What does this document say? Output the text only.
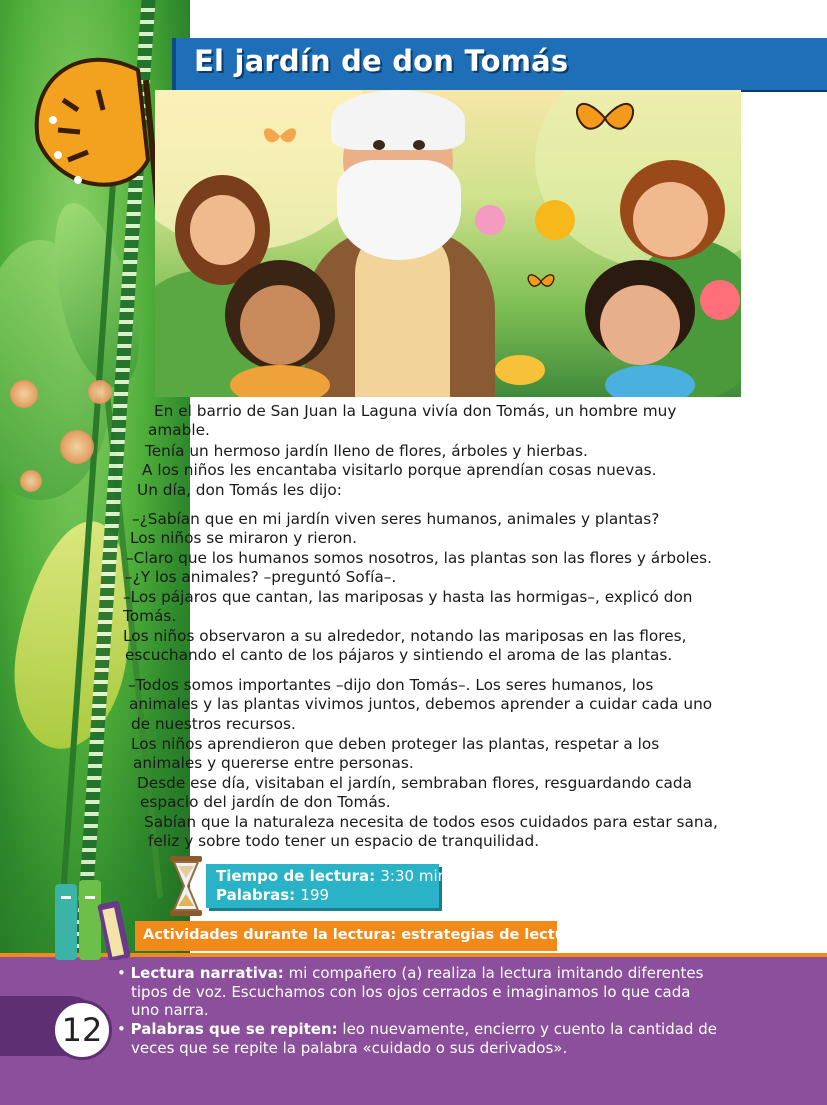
El jardín de don Tomás
En el barrio de San Juan la Laguna vivía don Tomás, un hombre muy
amable.
Tenía un hermoso jardín lleno de flores, árboles y hierbas.
A los niños les encantaba visitarlo porque aprendían cosas nuevas.
Un día, don Tomás les dijo:
–¿Sabían que en mi jardín viven seres humanos, animales y plantas?
Los niños se miraron y rieron.
–Claro que los humanos somos nosotros, las plantas son las flores y árboles.
–¿Y los animales? –preguntó Sofía–.
–Los pájaros que cantan, las mariposas y hasta las hormigas–, explicó don
Tomás.
Los niños observaron a su alrededor, notando las mariposas en las flores,
escuchando el canto de los pájaros y sintiendo el aroma de las plantas.
–Todos somos importantes –dijo don Tomás–. Los seres humanos, los
animales y las plantas vivimos juntos, debemos aprender a cuidar cada uno
de nuestros recursos.
Los niños aprendieron que deben proteger las plantas, respetar a los
animales y quererse entre personas.
Desde ese día, visitaban el jardín, sembraban flores, resguardando cada
espacio del jardín de don Tomás.
Sabían que la naturaleza necesita de todos esos cuidados para estar sana,
feliz y sobre todo tener un espacio de tranquilidad.
Tiempo de lectura: 3:30 min
Palabras: 199
Actividades durante la lectura: estrategias de lectura
12
• Lectura narrativa: mi compañero (a) realiza la lectura imitando diferentes
tipos de voz. Escuchamos con los ojos cerrados e imaginamos lo que cada
uno narra.
• Palabras que se repiten: leo nuevamente, encierro y cuento la cantidad de
veces que se repite la palabra «cuidado o sus derivados».
